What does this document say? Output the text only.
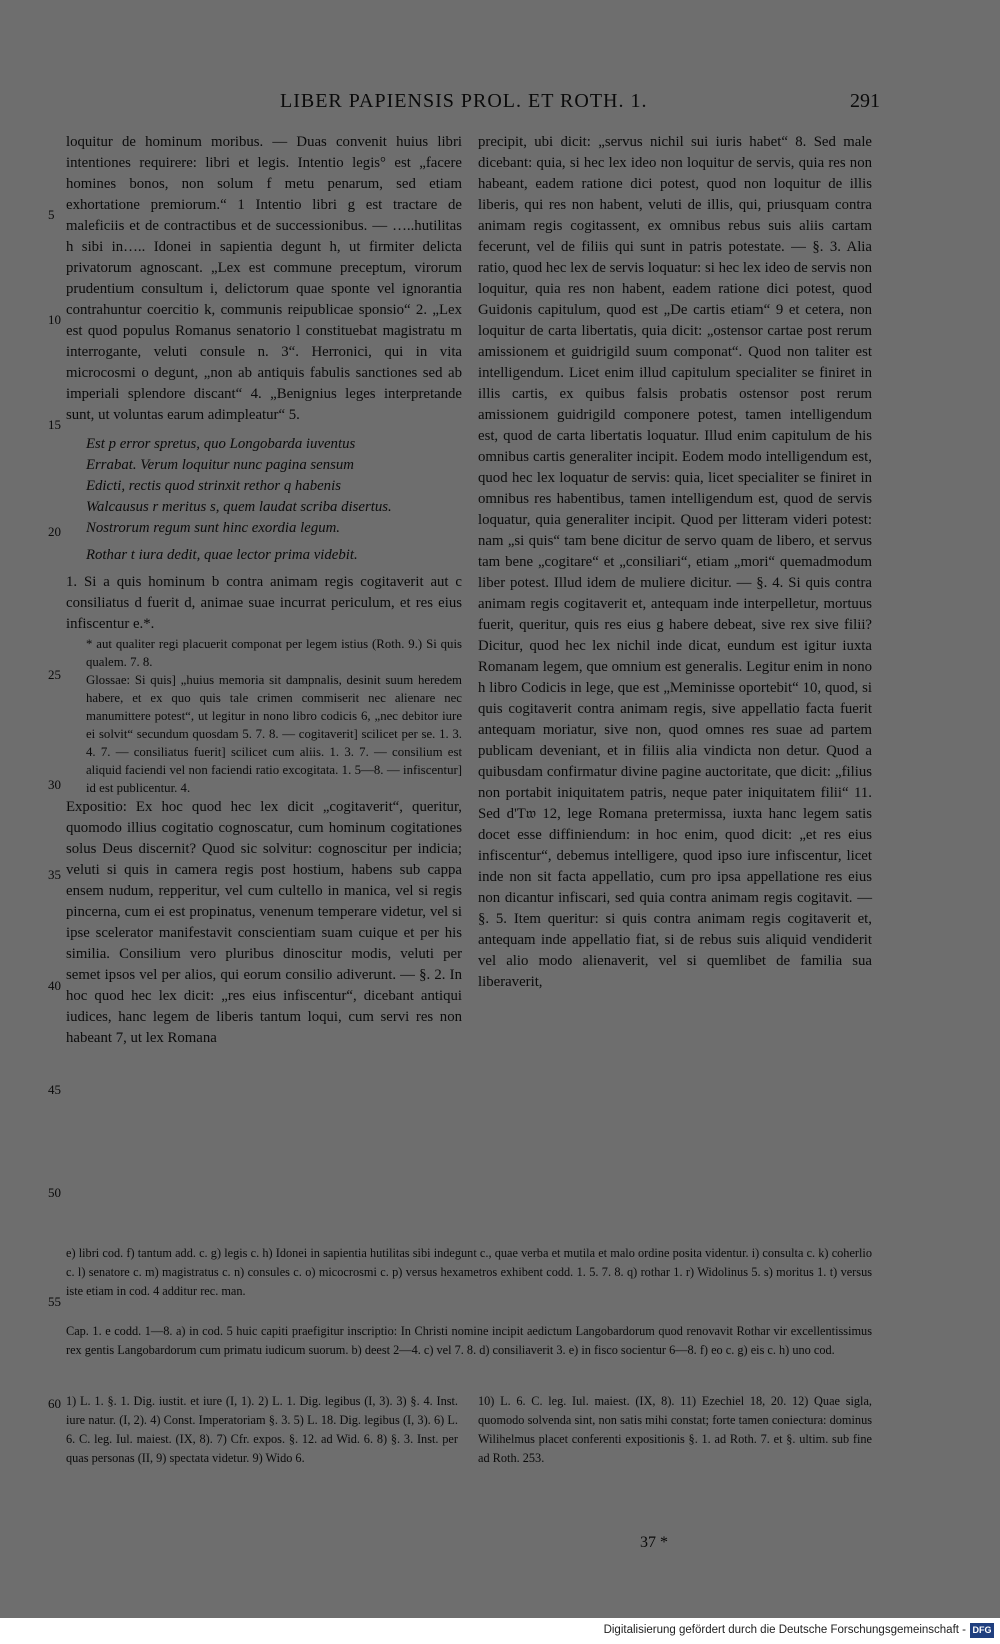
LIBER PAPIENSIS PROL. ET ROTH. 1.	291
5
10
15
20
25
30
35
40
45
50
55
60

loquitur de hominum moribus. — Duas convenit huius libri intentiones requirere: libri et legis. Intentio legis° est „facere homines bonos, non solum f metu penarum, sed etiam exhortatione premiorum.“ 1 Intentio libri g est tractare de maleficiis et de contractibus et de successionibus. — …..hutilitas h sibi in….. Idonei in sapientia degunt h, ut firmiter delicta privatorum agnoscant. „Lex est commune preceptum, virorum prudentium consultum i, delictorum quae sponte vel ignorantia contrahuntur coercitio k, communis reipublicae sponsio“ 2. „Lex est quod populus Romanus senatorio l constituebat magistratu m interrogante, veluti consule n. 3“. Herronici, qui in vita microcosmi o degunt, „non ab antiquis fabulis sanctiones sed ab imperiali splendore discant“ 4. „Benignius leges interpretande sunt, ut voluntas earum adimpleatur“ 5.

Est p error spretus, quo Longobarda iuventus
Errabat. Verum loquitur nunc pagina sensum
Edicti, rectis quod strinxit rethor q habenis
Walcausus r meritus s, quem laudat scriba disertus.
Nostrorum regum sunt hinc exordia legum.
Rothar t iura dedit, quae lector prima videbit.

1. Si a quis hominum b contra animam regis cogitaverit aut c consiliatus d fuerit d, animae suae incurrat periculum, et res eius infiscentur e.*.

* aut qualiter regi placuerit componat per legem istius (Roth. 9.) Si quis qualem. 7. 8.

Glossae: Si quis] „huius memoria sit dampnalis, desinit suum heredem habere, et ex quo quis tale crimen commiserit nec alienare nec manumittere potest“, ut legitur in nono libro codicis 6, „nec debitor iure ei solvit“ secundum quosdam 5. 7. 8. — cogitaverit] scilicet per se. 1. 3. 4. 7. — consiliatus fuerit] scilicet cum aliis. 1. 3. 7. — consilium est aliquid faciendi vel non faciendi ratio excogitata. 1. 5—8. — infiscentur] id est publicentur. 4.

Expositio: Ex hoc quod hec lex dicit „cogitaverit“, queritur, quomodo illius cogitatio cognoscatur, cum hominum cogitationes solus Deus discernit? Quod sic solvitur: cognoscitur per indicia; veluti si quis in camera regis post hostium, habens sub cappa ensem nudum, repperitur, vel cum cultello in manica, vel si regis pincerna, cum ei est propinatus, venenum temperare videtur, vel si ipse scelerator manifestavit conscientiam suam cuique et per his similia. Consilium vero pluribus dinoscitur modis, veluti per semet ipsos vel per alios, qui eorum consilio adiverunt. — §. 2. In hoc quod hec lex dicit: „res eius infiscentur“, dicebant antiqui iudices, hanc legem de liberis tantum loqui, cum servi res non habeant 7, ut lex Romana

precipit, ubi dicit: „servus nichil sui iuris habet“ 8. Sed male dicebant: quia, si hec lex ideo non loquitur de servis, quia res non habeant, eadem ratione dici potest, quod non loquitur de illis liberis, qui res non habent, veluti de illis, qui, priusquam contra animam regis cogitassent, ex omnibus rebus suis aliis cartam fecerunt, vel de filiis qui sunt in patris potestate. — §. 3. Alia ratio, quod hec lex de servis loquatur: si hec lex ideo de servis non loquitur, quia res non habent, eadem ratione dici potest, quod Guidonis capitulum, quod est „De cartis etiam“ 9 et cetera, non loquitur de carta libertatis, quia dicit: „ostensor cartae post rerum amissionem et guidrigild suum componat“. Quod non taliter est intelligendum. Licet enim illud capitulum specialiter se finiret in illis cartis, ex quibus falsis probatis ostensor post rerum amissionem guidrigild componere potest, tamen intelligendum est, quod de carta libertatis loquatur. Illud enim capitulum de his omnibus cartis generaliter incipit. Eodem modo intelligendum est, quod hec lex loquatur de servis: quia, licet specialiter se finiret in omnibus res habentibus, tamen intelligendum est, quod de servis loquatur, quia generaliter incipit. Quod per litteram videri potest: nam „si quis“ tam bene dicitur de servo quam de libero, et servus tam bene „cogitare“ et „consiliari“, etiam „mori“ quemadmodum liber potest. Illud idem de muliere dicitur. — §. 4. Si quis contra animam regis cogitaverit et, antequam inde interpelletur, mortuus fuerit, queritur, quis res eius g habere debeat, sive rex sive filii? Dicitur, quod hec lex nichil inde dicat, eundum est igitur iuxta Romanam legem, que omnium est generalis. Legitur enim in nono h libro Codicis in lege, que est „Meminisse oportebit“ 10, quod, si quis cogitaverit contra animam regis, sive appellatio facta fuerit antequam moriatur, sive non, quod omnes res suae ad partem publicam deveniant, et in filiis alia vindicta non detur. Quod a quibusdam confirmatur divine pagine auctoritate, que dicit: „filius non portabit iniquitatem patris, neque pater iniquitatem filii“ 11. Sed d'T𝔴 12, lege Romana pretermissa, iuxta hanc legem satis docet esse diffiniendum: in hoc enim, quod dicit: „et res eius infiscentur“, debemus intelligere, quod ipso iure infiscentur, licet inde non sit facta appellatio, cum pro ipsa appellatione res eius non dicantur infiscari, sed quia contra animam regis cogitavit. — §. 5. Item queritur: si quis contra animam regis cogitaverit et, antequam inde appellatio fiat, si de rebus suis aliquid vendiderit vel alio modo alienaverit, vel si quemlibet de familia sua liberaverit,

e) libri cod. f) tantum add. c. g) legis c. h) Idonei in sapientia hutilitas sibi indegunt c., quae verba et mutila et malo ordine posita videntur. i) consulta c. k) coherlio c. l) senatore c. m) magistratus c. n) consules c. o) micocrosmi c. p) versus hexametros exhibent codd. 1. 5. 7. 8. q) rothar 1. r) Widolinus 5. s) moritus 1. t) versus iste etiam in cod. 4 additur rec. man.
Cap. 1. e codd. 1—8. a) in cod. 5 huic capiti praefigitur inscriptio: In Christi nomine incipit aedictum Langobardorum quod renovavit Rothar vir excellentissimus rex gentis Langobardorum cum primatu iudicum suorum. b) deest 2—4. c) vel 7. 8. d) consiliaverit 3. e) in fisco socientur 6—8. f) eo c. g) eis c. h) uno cod.
1) L. 1. §. 1. Dig. iustit. et iure (I, 1). 2) L. 1. Dig. legibus (I, 3). 3) §. 4. Inst. iure natur. (I, 2). 4) Const. Imperatoriam §. 3. 5) L. 18. Dig. legibus (I, 3). 6) L. 6. C. leg. Iul. maiest. (IX, 8). 7) Cfr. expos. §. 12. ad Wid. 6. 8) §. 3. Inst. per quas personas (II, 9) spectata videtur. 9) Wido 6.
10) L. 6. C. leg. Iul. maiest. (IX, 8). 11) Ezechiel 18, 20. 12) Quae sigla, quomodo solvenda sint, non satis mihi constat; forte tamen coniectura: dominus Wilihelmus placet conferenti expositionis §. 1. ad Roth. 7. et §. ultim. sub fine ad Roth. 253.
37 *
Digitalisierung gefördert durch die Deutsche Forschungsgemeinschaft - DFG
